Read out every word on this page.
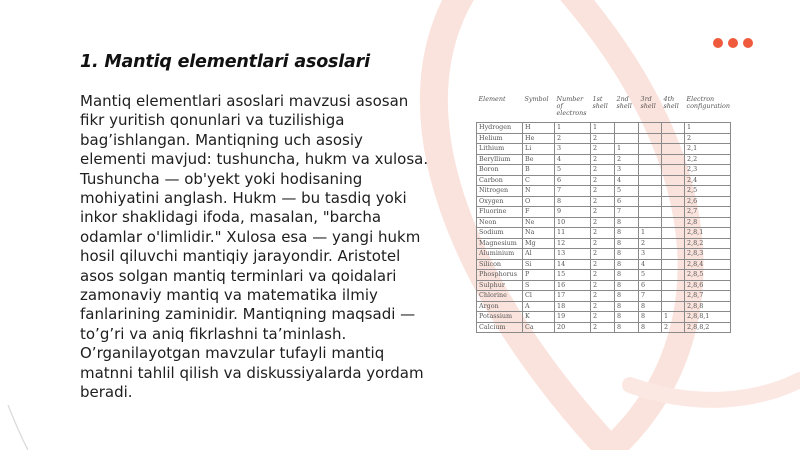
1. Mantiq elementlari asoslari

Mantiq elementlari asoslari mavzusi asosan fikr yuritish qonunlari va tuzilishiga bag’ishlangan. Mantiqning uch asosiy elementi mavjud: tushuncha, hukm va xulosa. Tushuncha — ob'yekt yoki hodisaning mohiyatini anglash. Hukm — bu tasdiq yoki inkor shaklidagi ifoda, masalan, "barcha odamlar o'limlidir." Xulosa esa — yangi hukm hosil qiluvchi mantiqiy jarayondir. Aristotel asos solgan mantiq terminlari va qoidalari zamonaviy mantiq va matematika ilmiy fanlarining zaminidir. Mantiqning maqsadi — to’g’ri va aniq fikrlashni ta’minlash. O’rganilayotgan mavzular tufayli mantiq matnni tahlil qilish va diskussiyalarda yordam beradi.

Element	Symbol	Number of electrons	1st shell	2nd shell	3rd shell	4th shell	Electron configuration
Hydrogen	H	1	1				1
Helium	He	2	2				2
Lithium	Li	3	2	1			2,1
Beryllium	Be	4	2	2			2,2
Boron	B	5	2	3			2,3
Carbon	C	6	2	4			2,4
Nitrogen	N	7	2	5			2,5
Oxygen	O	8	2	6			2,6
Fluorine	F	9	2	7			2,7
Neon	Ne	10	2	8			2,8
Sodium	Na	11	2	8	1		2,8,1
Magnesium	Mg	12	2	8	2		2,8,2
Aluminium	Al	13	2	8	3		2,8,3
Silicon	Si	14	2	8	4		2,8,4
Phosphorus	P	15	2	8	5		2,8,5
Sulphur	S	16	2	8	6		2,8,6
Chlorine	Cl	17	2	8	7		2,8,7
Argon	A	18	2	8	8		2,8,8
Potassium	K	19	2	8	8	1	2,8,8,1
Calcium	Ca	20	2	8	8	2	2,8,8,2
